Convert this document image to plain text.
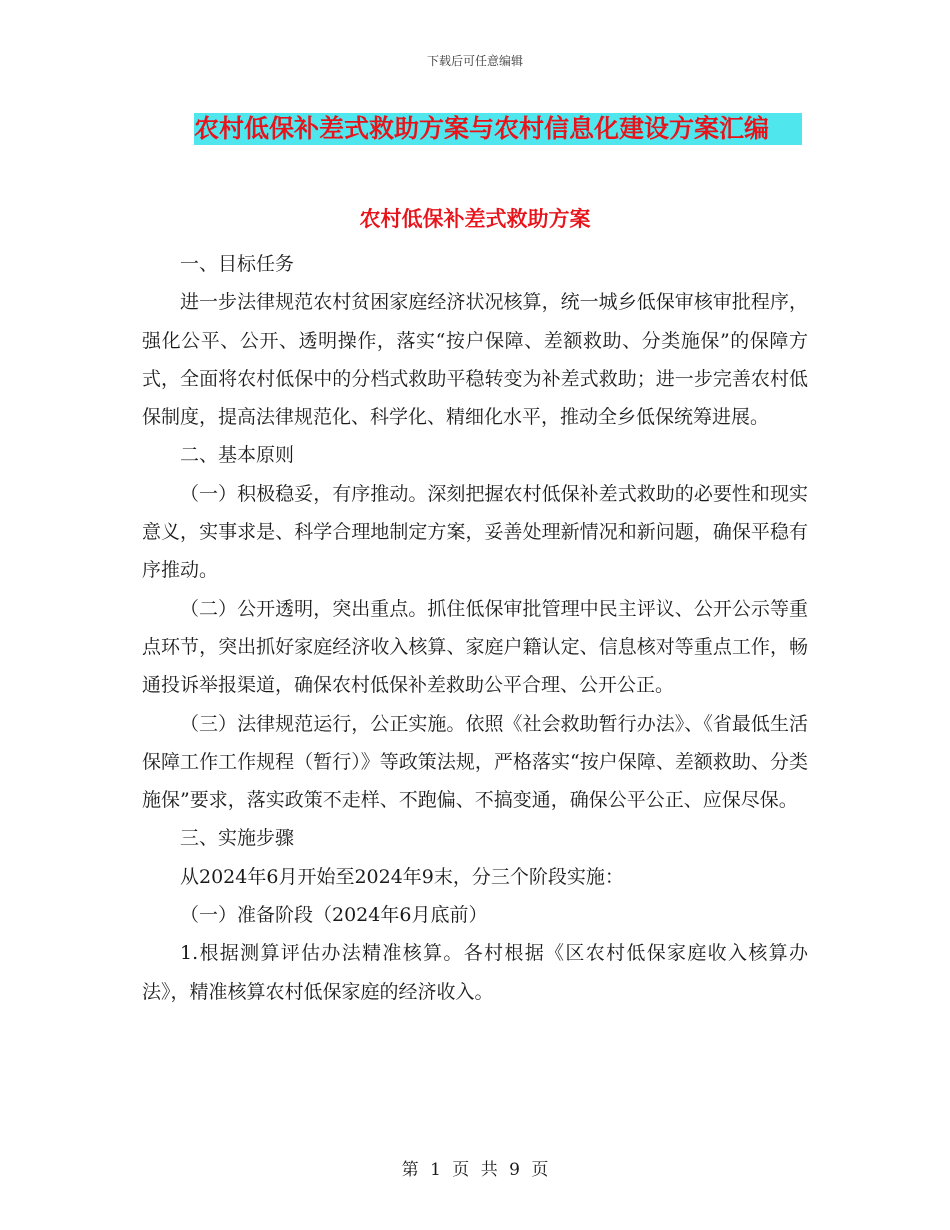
下载后可任意编辑
农村低保补差式救助方案与农村信息化建设方案汇编
农村低保补差式救助方案

一、目标任务

进一步法律规范农村贫困家庭经济状况核算，统一城乡低保审核审批程序，强化公平、公开、透明操作，落实“按户保障、差额救助、分类施保”的保障方式，全面将农村低保中的分档式救助平稳转变为补差式救助；进一步完善农村低保制度，提高法律规范化、科学化、精细化水平，推动全乡低保统筹进展。

二、基本原则

（一）积极稳妥，有序推动。深刻把握农村低保补差式救助的必要性和现实意义，实事求是、科学合理地制定方案，妥善处理新情况和新问题，确保平稳有序推动。

（二）公开透明，突出重点。抓住低保审批管理中民主评议、公开公示等重点环节，突出抓好家庭经济收入核算、家庭户籍认定、信息核对等重点工作，畅通投诉举报渠道，确保农村低保补差救助公平合理、公开公正。

（三）法律规范运行，公正实施。依照《社会救助暂行办法》、《省最低生活保障工作工作规程（暂行）》等政策法规，严格落实“按户保障、差额救助、分类施保”要求，落实政策不走样、不跑偏、不搞变通，确保公平公正、应保尽保。

三、实施步骤

从2024年6月开始至2024年9末，分三个阶段实施：

（一）准备阶段（2024年6月底前）

1.根据测算评估办法精准核算。各村根据《区农村低保家庭收入核算办法》，精准核算农村低保家庭的经济收入。

第 1 页 共 9 页
